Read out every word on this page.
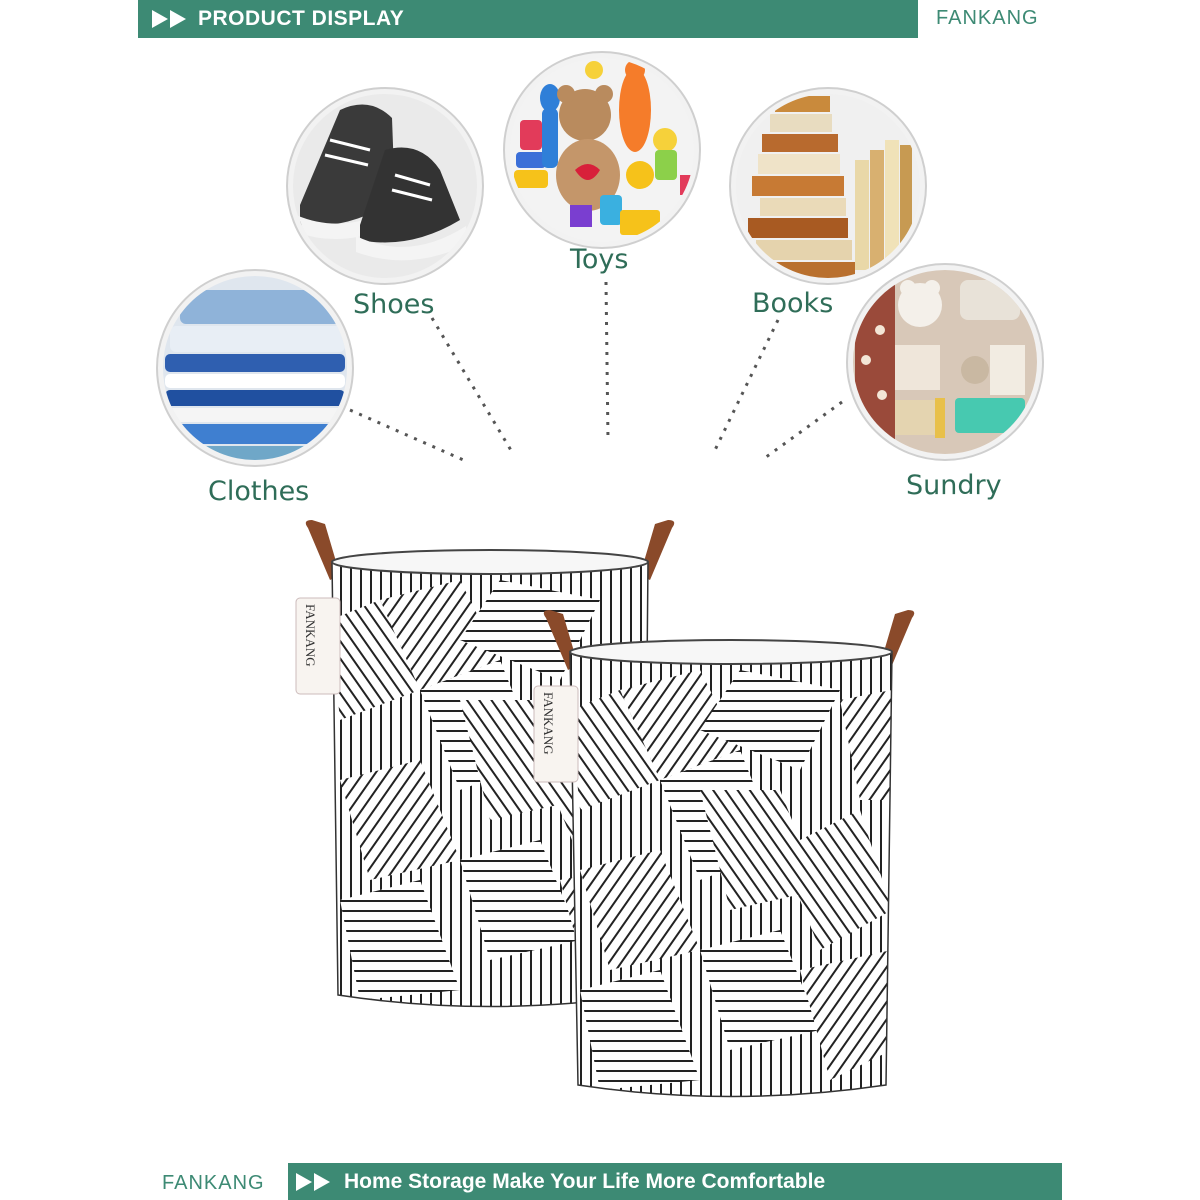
PRODUCT DISPLAY	FANKANG
FANKANG
FANKANG
Clothes
Shoes
Toys
Books
Sundry
FANKANG	Home Storage Make Your Life More Comfortable
